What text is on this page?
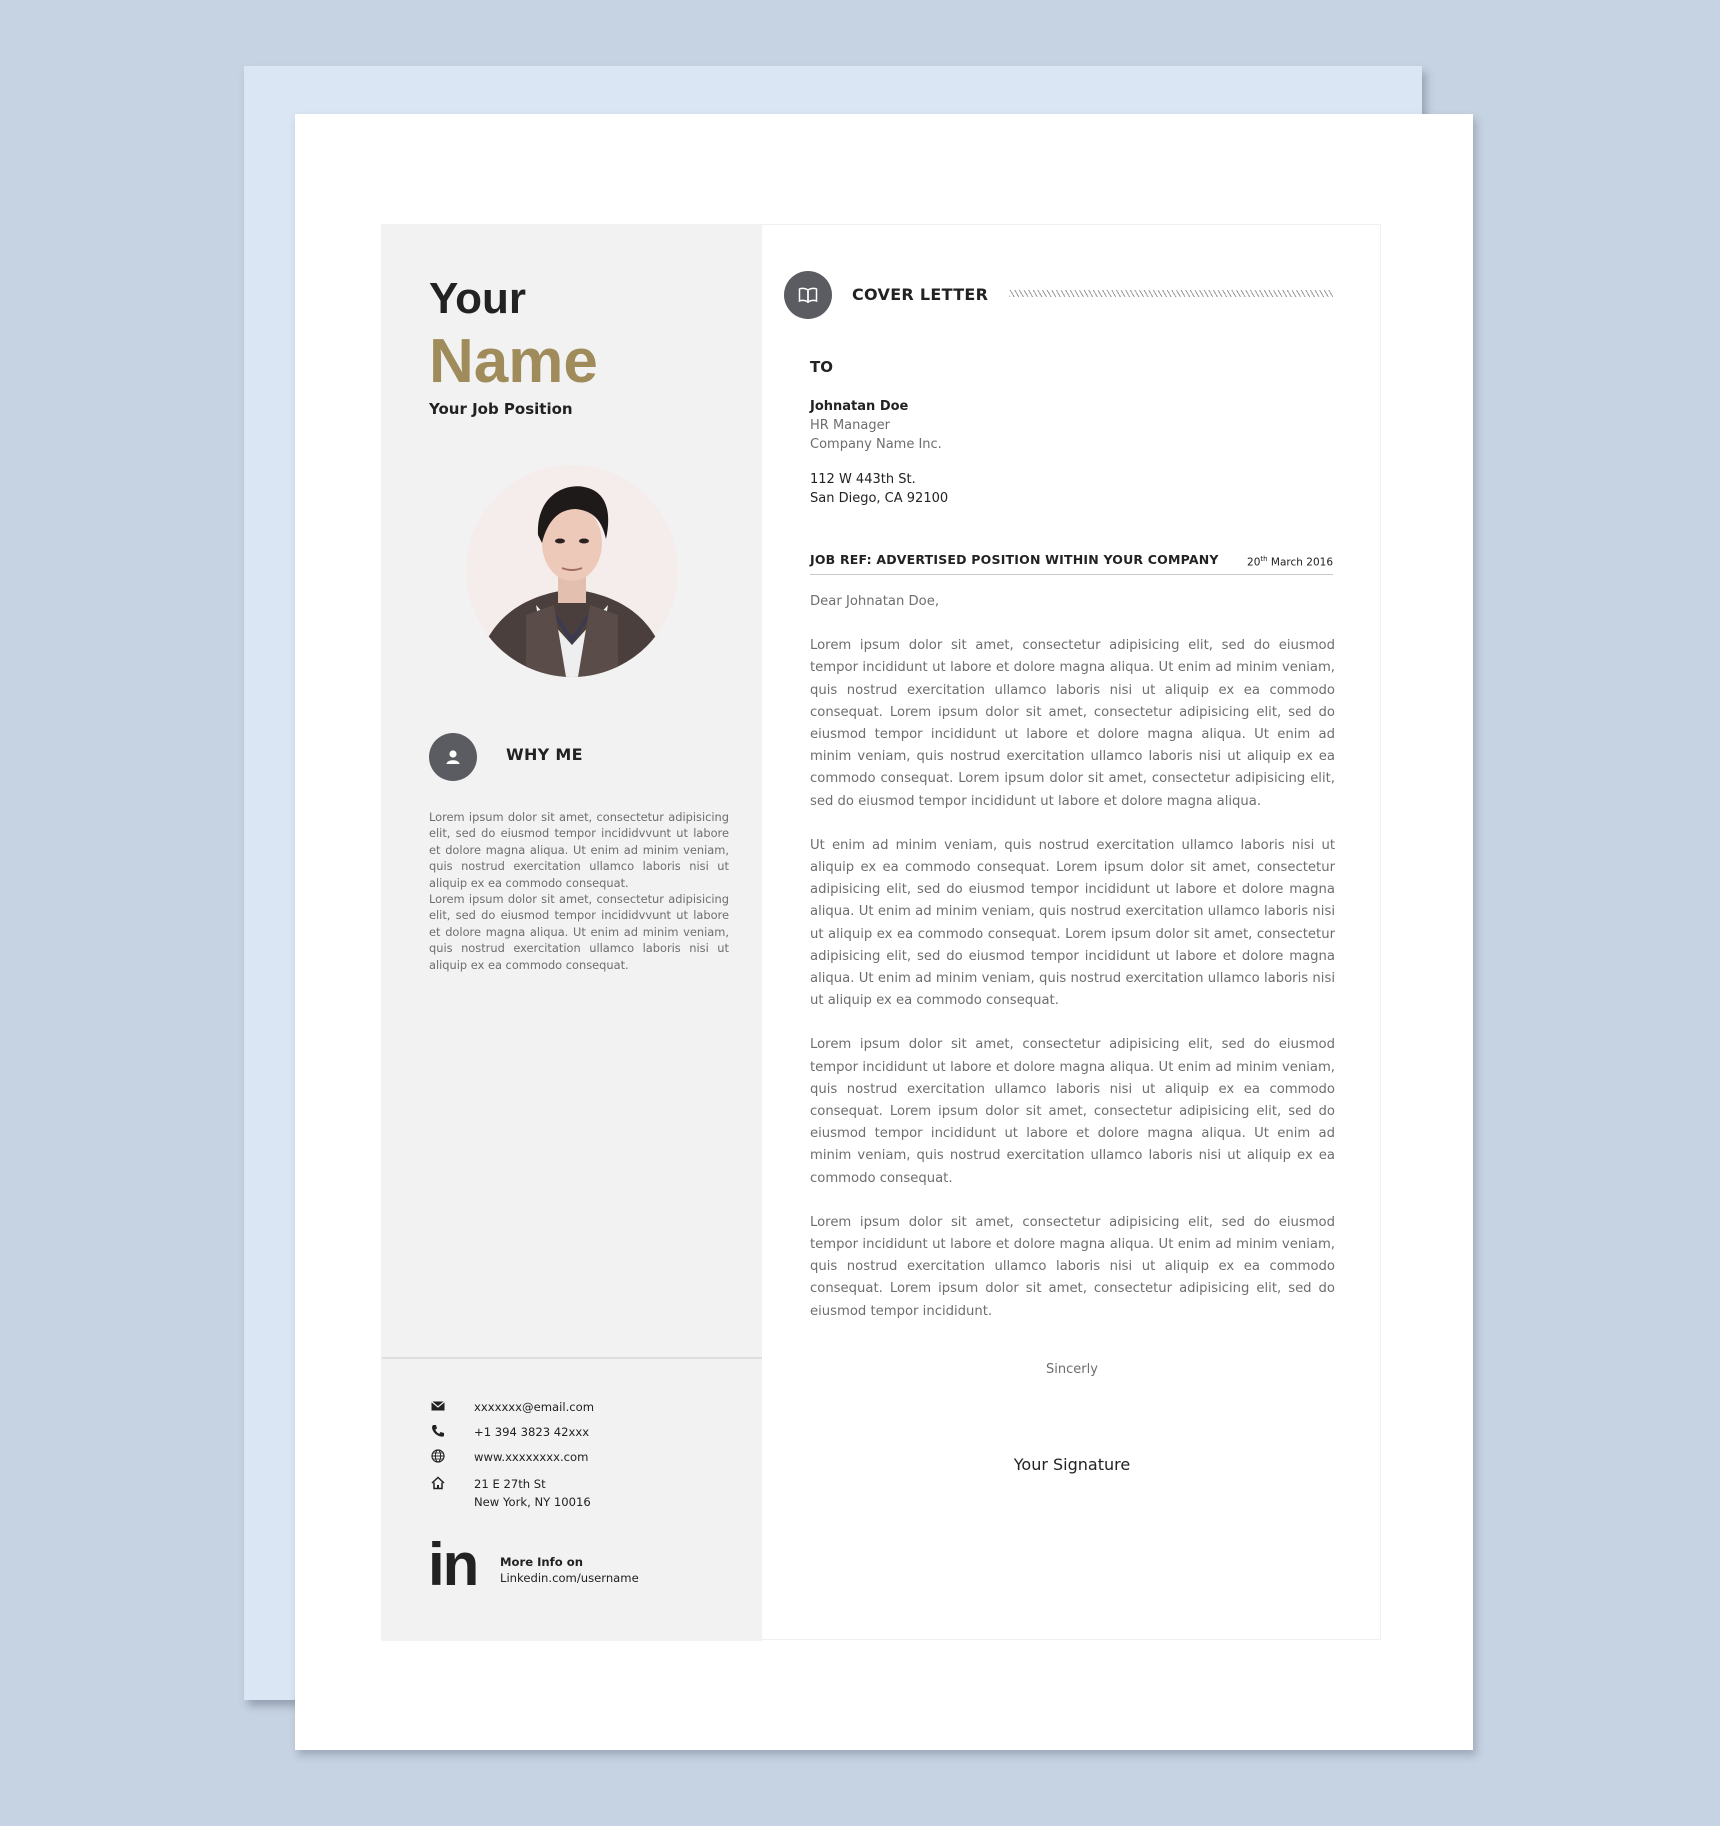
Your
Name
Your Job Position
WHY ME

Lorem ipsum dolor sit amet, consectetur adipisicing elit, sed do eiusmod tempor incididvvunt ut labore et dolore magna aliqua. Ut enim ad minim veniam, quis nostrud exercitation ullamco laboris nisi ut aliquip ex ea commodo consequat.

Lorem ipsum dolor sit amet, consectetur adipisicing elit, sed do eiusmod tempor incididvvunt ut labore et dolore magna aliqua. Ut enim ad minim veniam, quis nostrud exercitation ullamco laboris nisi ut aliquip ex ea commodo consequat.

xxxxxxx@email.com
+1 394 3823 42xxx
www.xxxxxxxx.com
21 E 27th St
New York, NY 10016
in More Info on
Linkedin.com/username
COVER LETTER
TO
Johnatan Doe
HR Manager
Company Name Inc.
112 W 443th St.
San Diego, CA 92100
JOB REF: ADVERTISED POSITION WITHIN YOUR COMPANY	20th March 2016

Dear Johnatan Doe,

Lorem ipsum dolor sit amet, consectetur adipisicing elit, sed do eiusmod tempor incididunt ut labore et dolore magna aliqua. Ut enim ad minim veniam, quis nostrud exercitation ullamco laboris nisi ut aliquip ex ea commodo consequat. Lorem ipsum dolor sit amet, consectetur adipisicing elit, sed do eiusmod tempor incididunt ut labore et dolore magna aliqua. Ut enim ad minim veniam, quis nostrud exercitation ullamco laboris nisi ut aliquip ex ea commodo consequat. Lorem ipsum dolor sit amet, consectetur adipisicing elit, sed do eiusmod tempor incididunt ut labore et dolore magna aliqua.

Ut enim ad minim veniam, quis nostrud exercitation ullamco laboris nisi ut aliquip ex ea commodo consequat. Lorem ipsum dolor sit amet, consectetur adipisicing elit, sed do eiusmod tempor incididunt ut labore et dolore magna aliqua. Ut enim ad minim veniam, quis nostrud exercitation ullamco laboris nisi ut aliquip ex ea commodo consequat. Lorem ipsum dolor sit amet, consectetur adipisicing elit, sed do eiusmod tempor incididunt ut labore et dolore magna aliqua. Ut enim ad minim veniam, quis nostrud exercitation ullamco laboris nisi ut aliquip ex ea commodo consequat.

Lorem ipsum dolor sit amet, consectetur adipisicing elit, sed do eiusmod tempor incididunt ut labore et dolore magna aliqua. Ut enim ad minim veniam, quis nostrud exercitation ullamco laboris nisi ut aliquip ex ea commodo consequat. Lorem ipsum dolor sit amet, consectetur adipisicing elit, sed do eiusmod tempor incididunt ut labore et dolore magna aliqua. Ut enim ad minim veniam, quis nostrud exercitation ullamco laboris nisi ut aliquip ex ea commodo consequat.

Lorem ipsum dolor sit amet, consectetur adipisicing elit, sed do eiusmod tempor incididunt ut labore et dolore magna aliqua. Ut enim ad minim veniam, quis nostrud exercitation ullamco laboris nisi ut aliquip ex ea commodo consequat. Lorem ipsum dolor sit amet, consectetur adipisicing elit, sed do eiusmod tempor incididunt.

Sincerly
Your Signature
